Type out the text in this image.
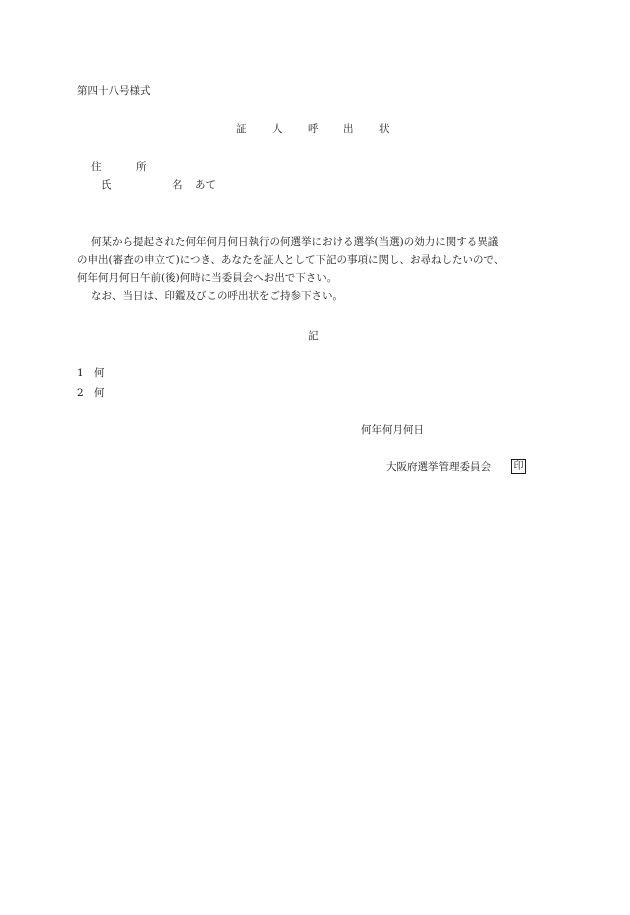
第四十八号様式
証 人 呼 出 状
住	所
氏	名 あて
何某から提起された何年何月何日執行の何選挙における選挙(当選)の効力に関する異議
の申出(審査の申立て)につき、あなたを証人として下記の事項に関し、お尋ねしたいので、
何年何月何日午前(後)何時に当委員会へお出で下さい。
なお、当日は、印鑑及びこの呼出状をご持参下さい。
記
1 何
2 何
何年何月何日
大阪府選挙管理委員会 印
